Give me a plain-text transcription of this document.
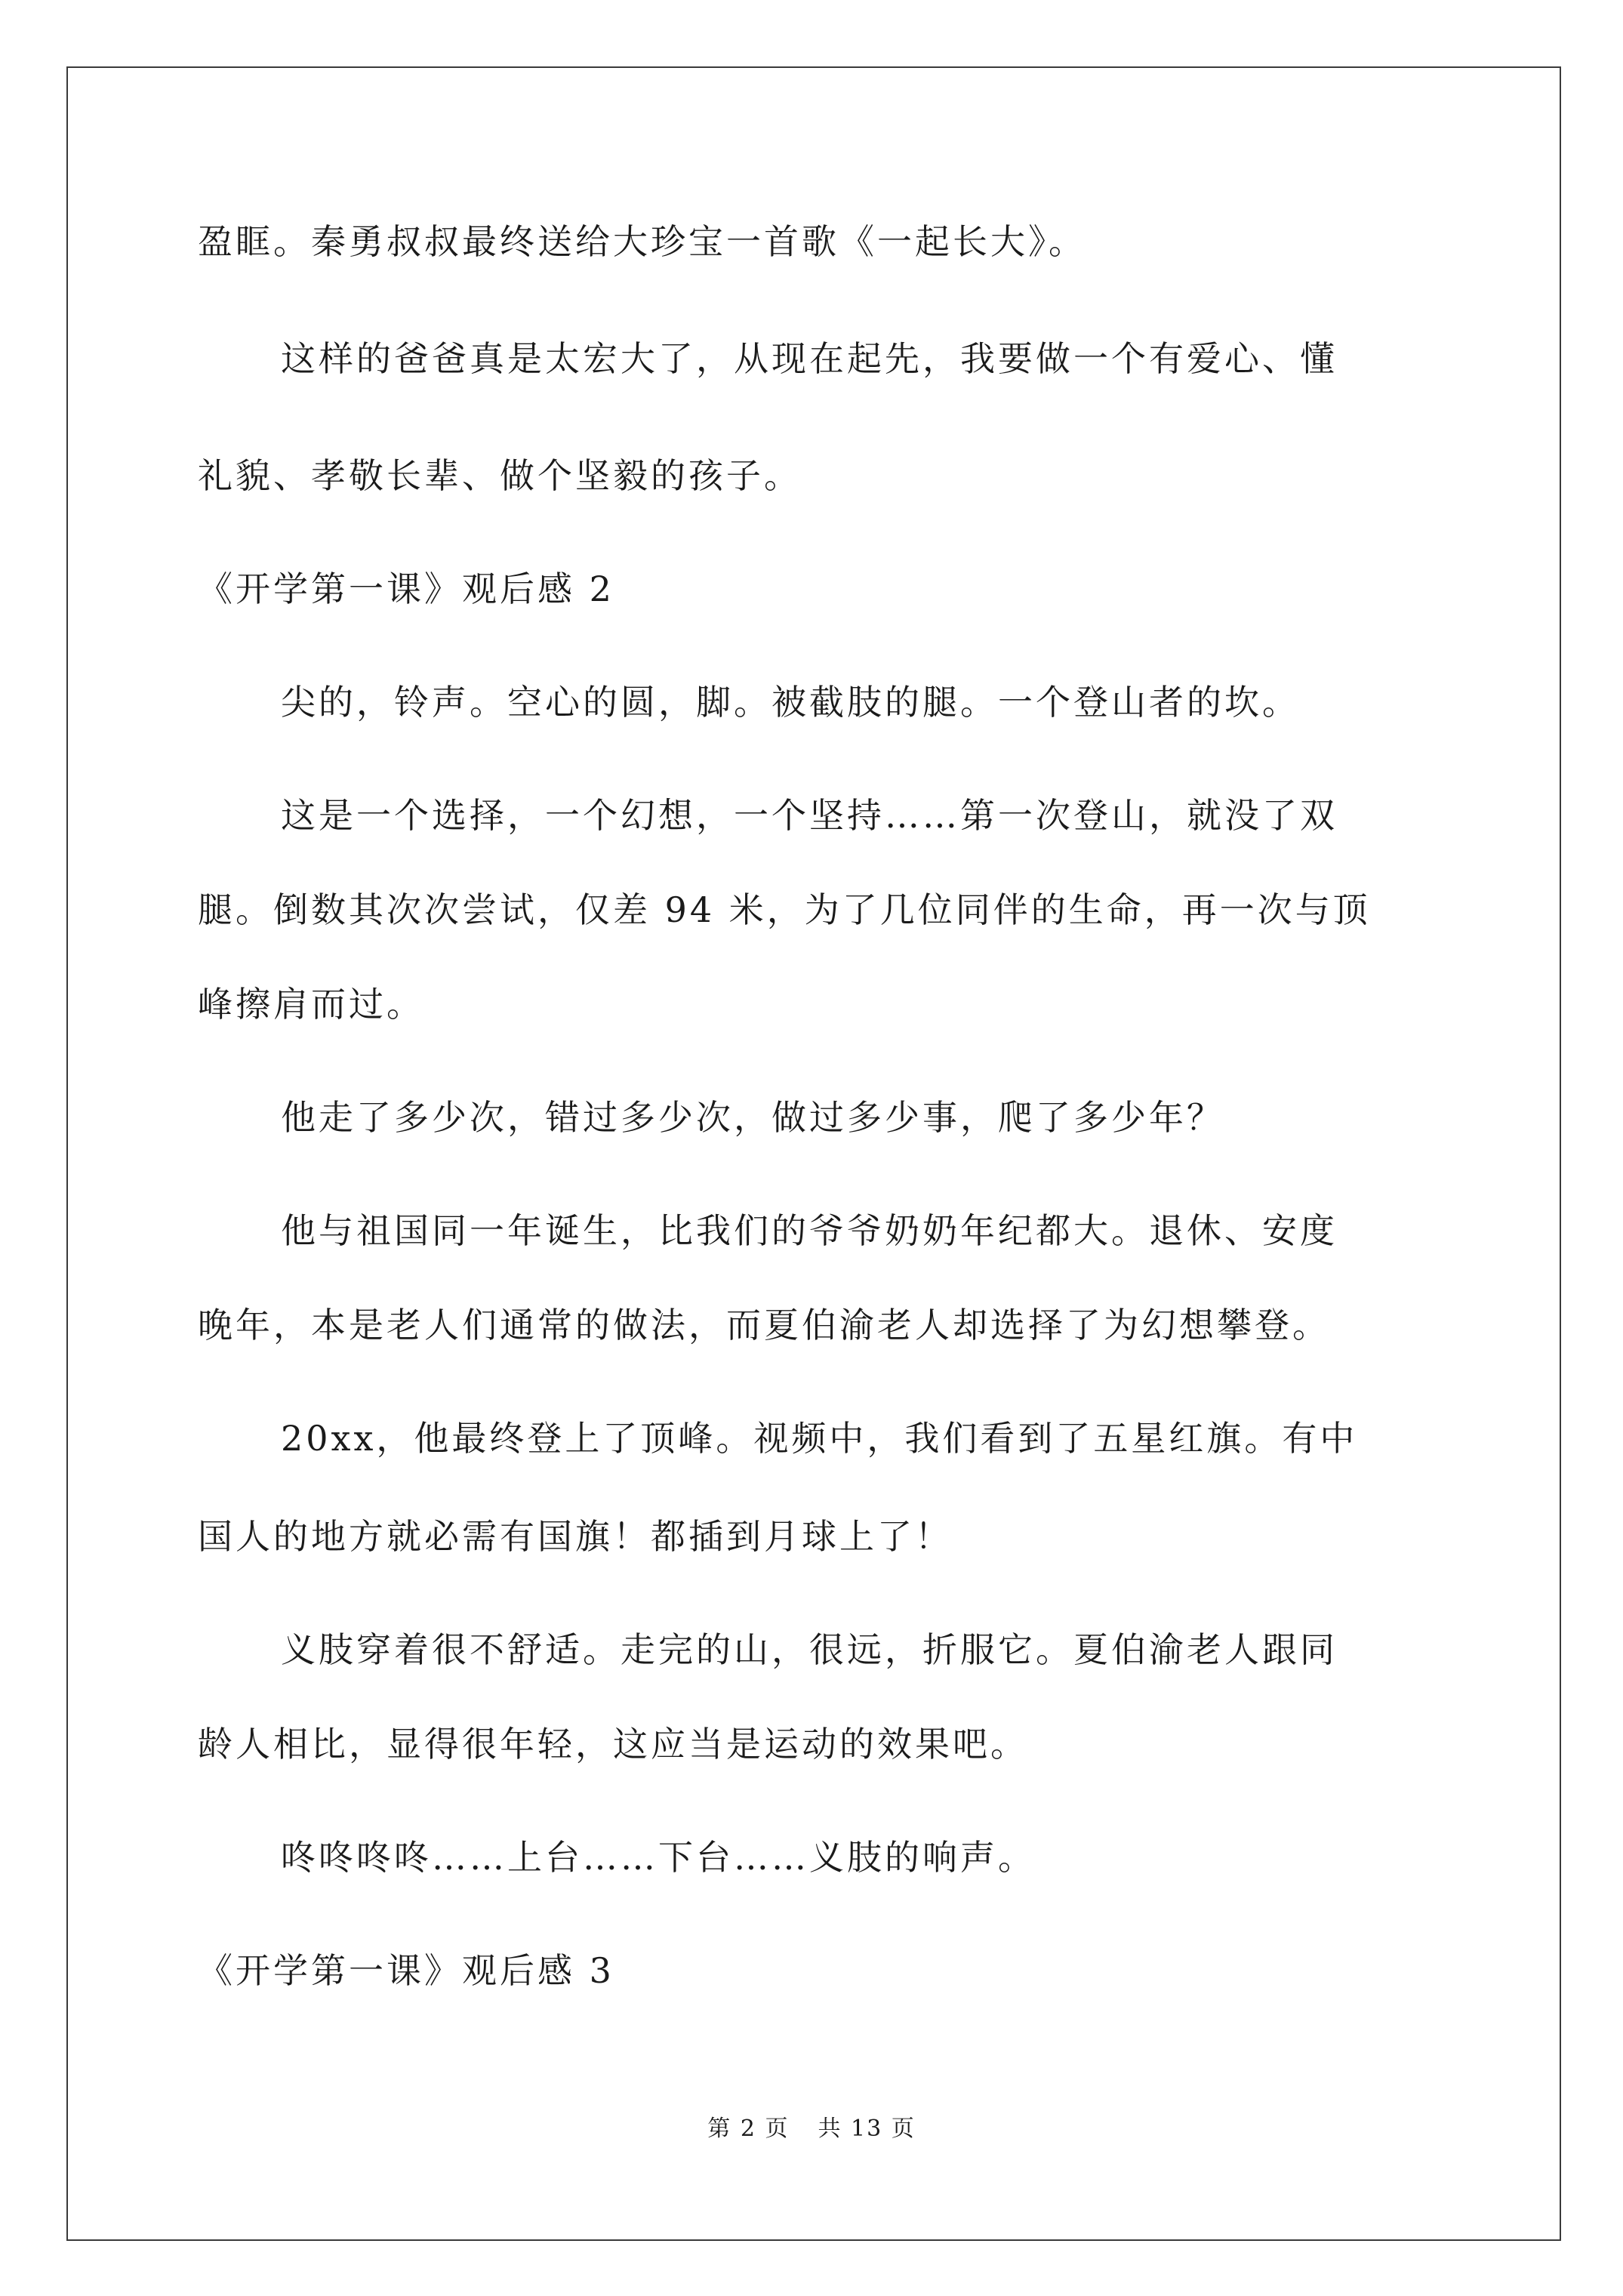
盈眶。秦勇叔叔最终送给大珍宝一首歌《一起长大》。
这样的爸爸真是太宏大了，从现在起先，我要做一个有爱心、懂
礼貌、孝敬长辈、做个坚毅的孩子。
《开学第一课》观后感 2
尖的，铃声。空心的圆，脚。被截肢的腿。一个登山者的坎。
这是一个选择，一个幻想，一个坚持……第一次登山，就没了双
腿。倒数其次次尝试，仅差 94 米，为了几位同伴的生命，再一次与顶
峰擦肩而过。
他走了多少次，错过多少次，做过多少事，爬了多少年？
他与祖国同一年诞生，比我们的爷爷奶奶年纪都大。退休、安度
晚年，本是老人们通常的做法，而夏伯渝老人却选择了为幻想攀登。
20xx，他最终登上了顶峰。视频中，我们看到了五星红旗。有中
国人的地方就必需有国旗！都插到月球上了！
义肢穿着很不舒适。走完的山，很远，折服它。夏伯渝老人跟同
龄人相比，显得很年轻，这应当是运动的效果吧。
咚咚咚咚……上台……下台……义肢的响声。
《开学第一课》观后感 3
第 2 页 共 13 页
